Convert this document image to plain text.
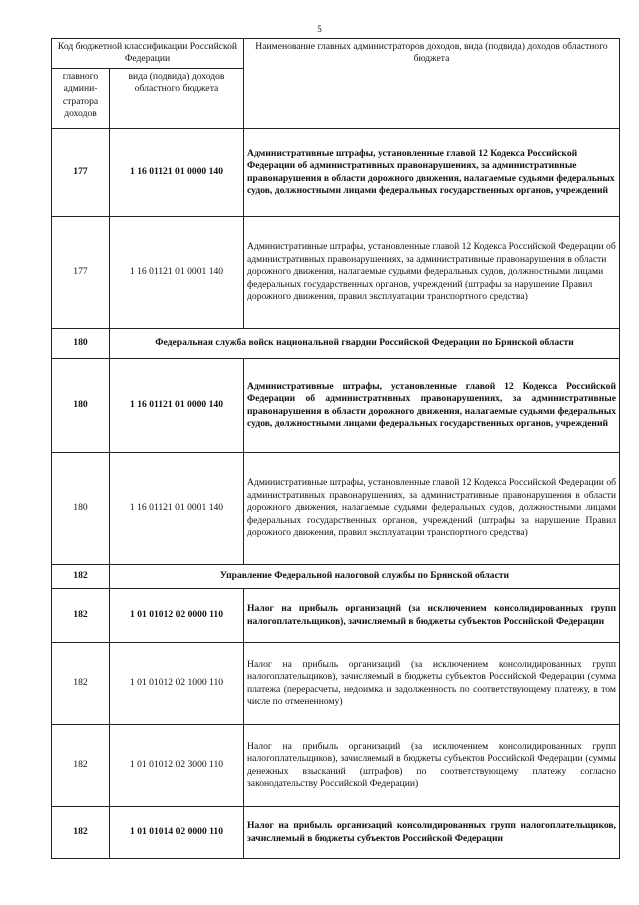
5
Код бюджетной классификации Российской Федерации		Наименование главных администраторов доходов, вида (подвида) доходов областного бюджета
главного админи-стратора доходов	вида (подвида) доходов областного бюджета	
177	1 16 01121 01 0000 140	Административные штрафы, установленные главой 12 Кодекса Российской Федерации об административных правонарушениях, за административные правонарушения в области дорожного движения, налагаемые судьями федеральных судов, должностными лицами федеральных государственных органов, учреждений
177	1 16 01121 01 0001 140	Административные штрафы, установленные главой 12 Кодекса Российской Федерации об административных правонарушениях, за административные правонарушения в области дорожного движения, налагаемые судьями федеральных судов, должностными лицами федеральных государственных органов, учреждений (штрафы за нарушение Правил дорожного движения, правил эксплуатации транспортного средства)
180	Федеральная служба войск национальной гвардии Российской Федерации по Брянской области	
180	1 16 01121 01 0000 140	Административные штрафы, установленные главой 12 Кодекса Российской Федерации об административных правонарушениях, за административные правонарушения в области дорожного движения, налагаемые судьями федеральных судов, должностными лицами федеральных государственных органов, учреждений
180	1 16 01121 01 0001 140	Административные штрафы, установленные главой 12 Кодекса Российской Федерации об административных правонарушениях, за административные правонарушения в области дорожного движения, налагаемые судьями федеральных судов, должностными лицами федеральных государственных органов, учреждений (штрафы за нарушение Правил дорожного движения, правил эксплуатации транспортного средства)
182	Управление Федеральной налоговой службы по Брянской области	
182	1 01 01012 02 0000 110	Налог на прибыль организаций (за исключением консолидированных групп налогоплательщиков), зачисляемый в бюджеты субъектов Российской Федерации
182	1 01 01012 02 1000 110	Налог на прибыль организаций (за исключением консолидированных групп налогоплательщиков), зачисляемый в бюджеты субъектов Российской Федерации (сумма платежа (перерасчеты, недоимка и задолженность по соответствующему платежу, в том числе по отмененному)
182	1 01 01012 02 3000 110	Налог на прибыль организаций (за исключением консолидированных групп налогоплательщиков), зачисляемый в бюджеты субъектов Российской Федерации (суммы денежных взысканий (штрафов) по соответствующему платежу согласно законодательству Российской Федерации)
182	1 01 01014 02 0000 110	Налог на прибыль организаций консолидированных групп налогоплательщиков, зачисляемый в бюджеты субъектов Российской Федерации
